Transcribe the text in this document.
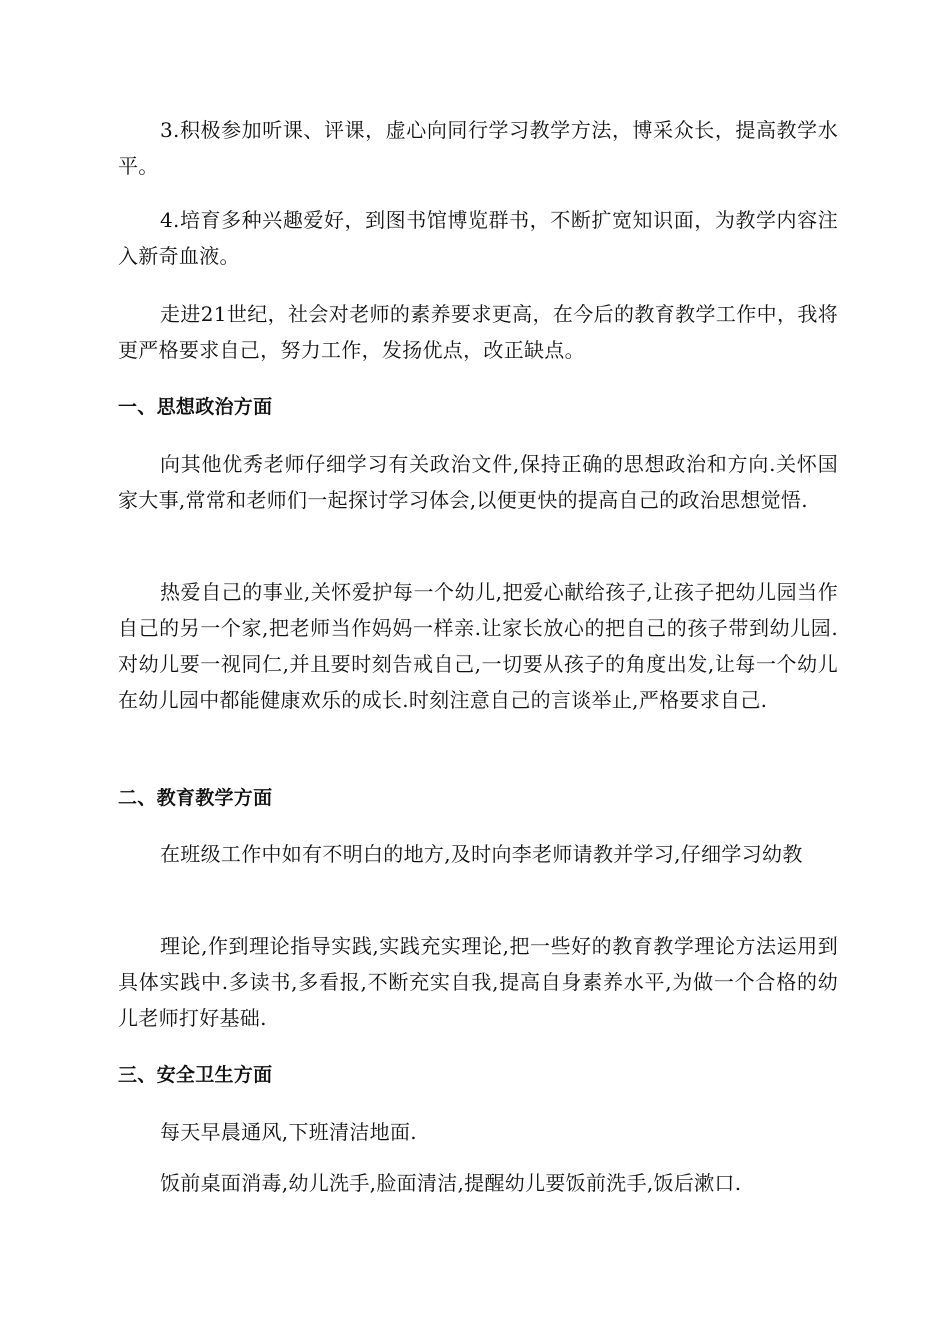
3.积极参加听课、评课，虚心向同行学习教学方法，博采众长，提高教学水平。
4.培育多种兴趣爱好，到图书馆博览群书，不断扩宽知识面，为教学内容注入新奇血液。
走进21世纪，社会对老师的素养要求更高，在今后的教育教学工作中，我将更严格要求自己，努力工作，发扬优点，改正缺点。
一、思想政治方面
向其他优秀老师仔细学习有关政治文件,保持正确的思想政治和方向.关怀国家大事,常常和老师们一起探讨学习体会,以便更快的提高自己的政治思想觉悟.
热爱自己的事业,关怀爱护每一个幼儿,把爱心献给孩子,让孩子把幼儿园当作自己的另一个家,把老师当作妈妈一样亲.让家长放心的把自己的孩子带到幼儿园.对幼儿要一视同仁,并且要时刻告戒自己,一切要从孩子的角度出发,让每一个幼儿在幼儿园中都能健康欢乐的成长.时刻注意自己的言谈举止,严格要求自己.
二、教育教学方面
在班级工作中如有不明白的地方,及时向李老师请教并学习,仔细学习幼教
理论,作到理论指导实践,实践充实理论,把一些好的教育教学理论方法运用到具体实践中.多读书,多看报,不断充实自我,提高自身素养水平,为做一个合格的幼儿老师打好基础.
三、安全卫生方面
每天早晨通风,下班清洁地面.
饭前桌面消毒,幼儿洗手,脸面清洁,提醒幼儿要饭前洗手,饭后漱口.
